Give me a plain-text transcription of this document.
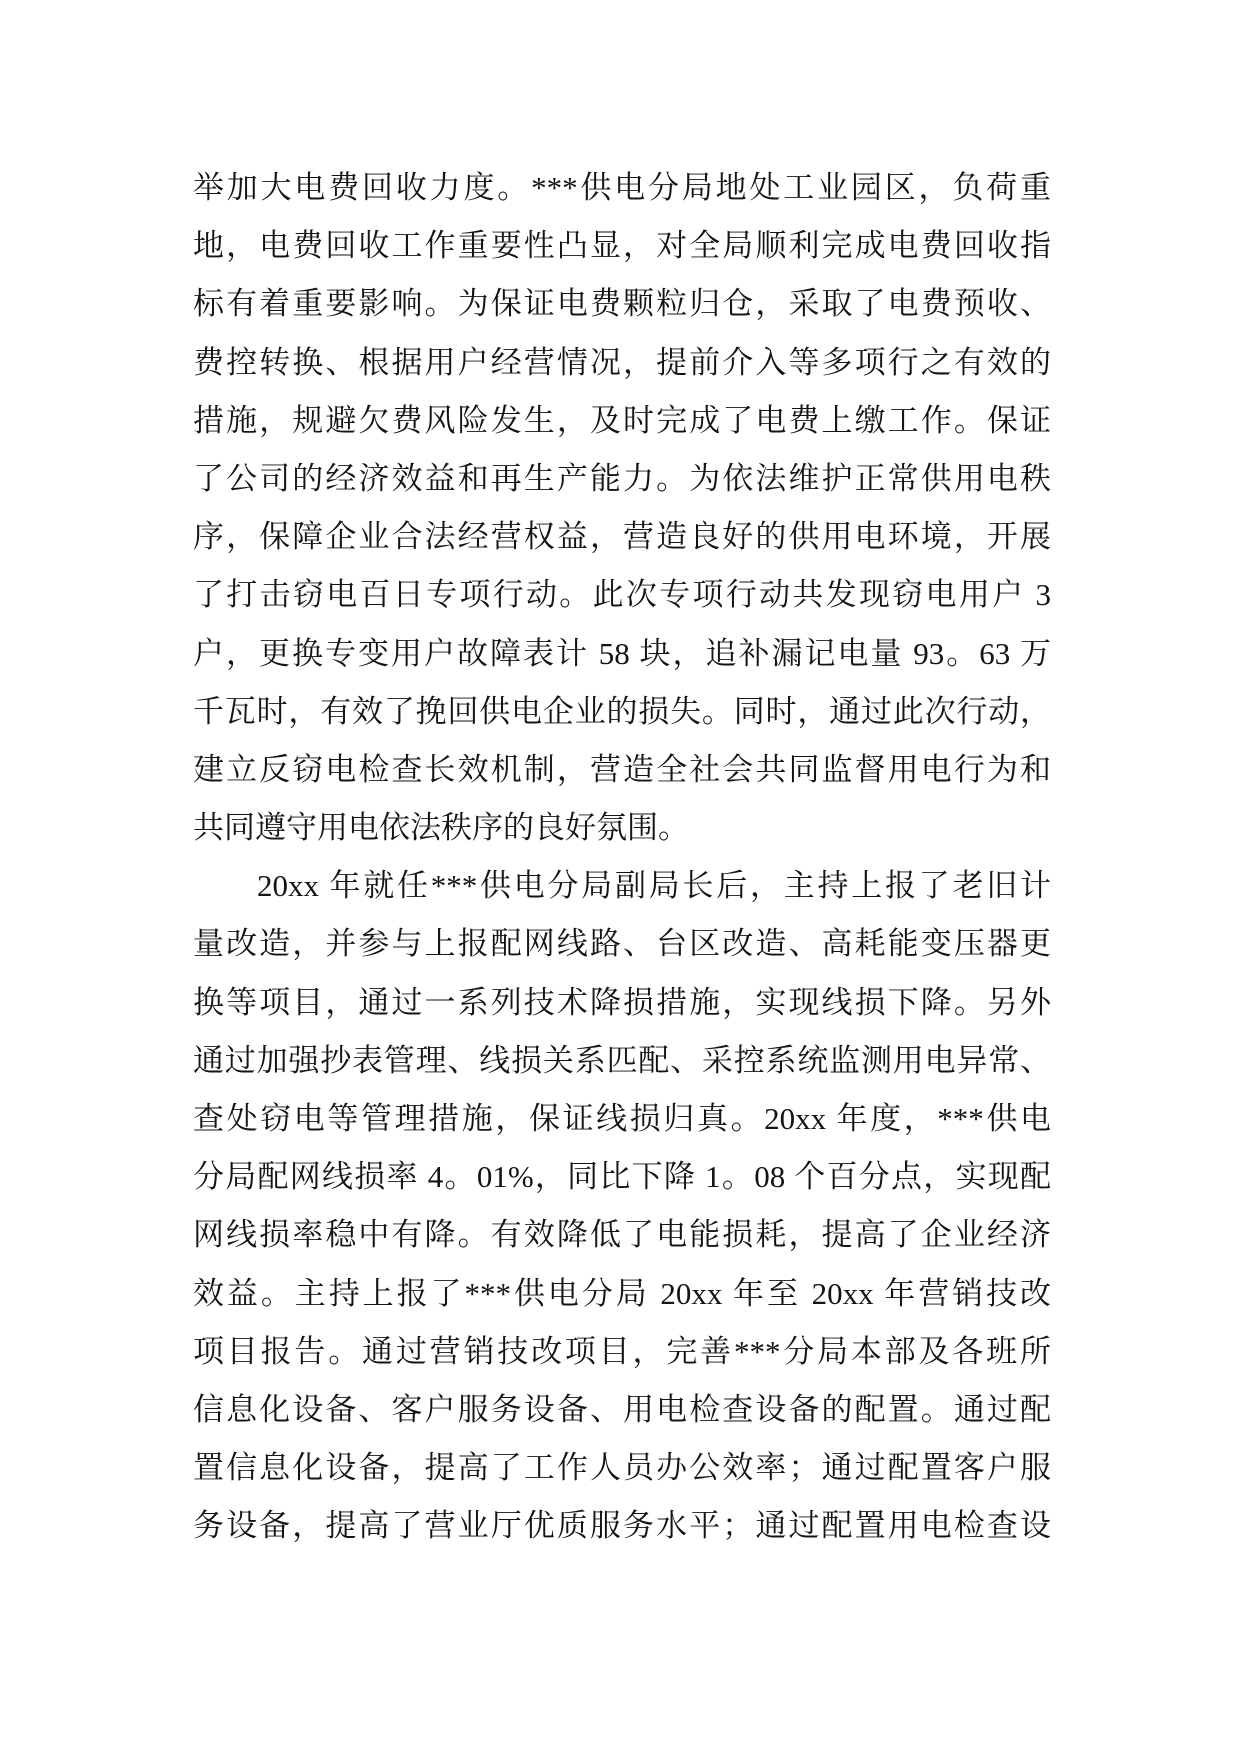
举加大电费回收力度。***供电分局地处工业园区，负荷重
地，电费回收工作重要性凸显，对全局顺利完成电费回收指
标有着重要影响。为保证电费颗粒归仓，采取了电费预收、
费控转换、根据用户经营情况，提前介入等多项行之有效的
措施，规避欠费风险发生，及时完成了电费上缴工作。保证
了公司的经济效益和再生产能力。为依法维护正常供用电秩
序，保障企业合法经营权益，营造良好的供用电环境，开展
了打击窃电百日专项行动。此次专项行动共发现窃电用户 3
户，更换专变用户故障表计 58 块，追补漏记电量 93。63 万
千瓦时，有效了挽回供电企业的损失。同时，通过此次行动，
建立反窃电检查长效机制，营造全社会共同监督用电行为和
共同遵守用电依法秩序的良好氛围。
20xx 年就任***供电分局副局长后，主持上报了老旧计
量改造，并参与上报配网线路、台区改造、高耗能变压器更
换等项目，通过一系列技术降损措施，实现线损下降。另外
通过加强抄表管理、线损关系匹配、采控系统监测用电异常、
查处窃电等管理措施，保证线损归真。20xx 年度，***供电
分局配网线损率 4。01%，同比下降 1。08 个百分点，实现配
网线损率稳中有降。有效降低了电能损耗，提高了企业经济
效益。主持上报了***供电分局 20xx 年至 20xx 年营销技改
项目报告。通过营销技改项目，完善***分局本部及各班所
信息化设备、客户服务设备、用电检查设备的配置。通过配
置信息化设备，提高了工作人员办公效率；通过配置客户服
务设备，提高了营业厅优质服务水平；通过配置用电检查设
